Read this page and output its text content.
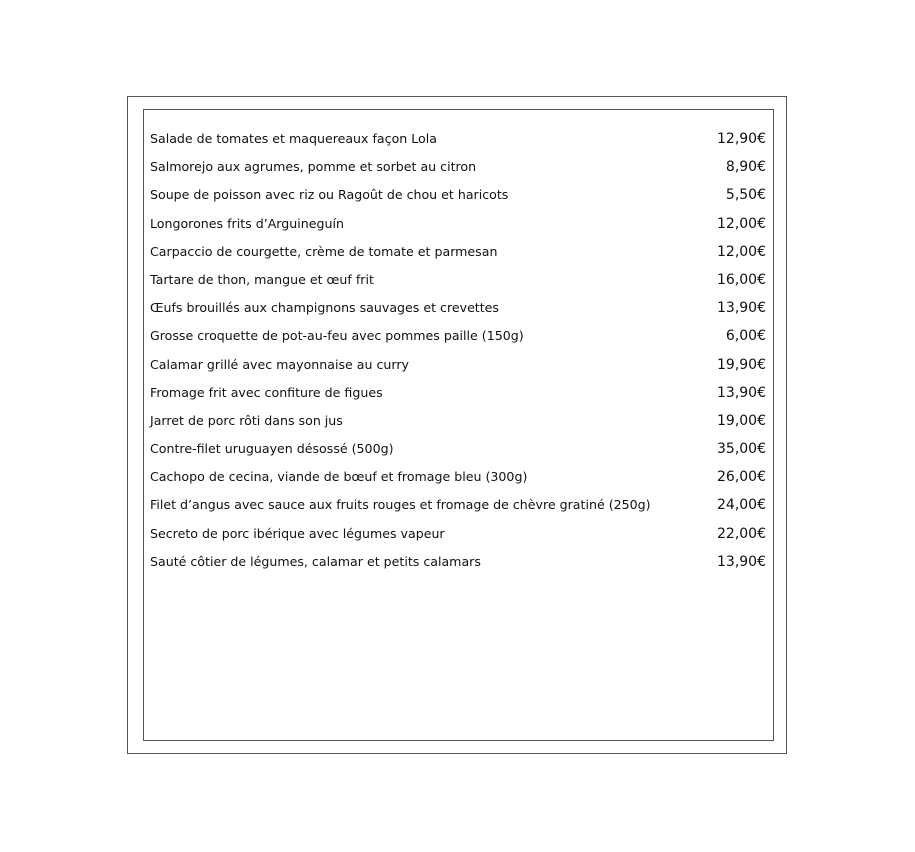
Salade de tomates et maquereaux façon Lola	12,90€
Salmorejo aux agrumes, pomme et sorbet au citron	8,90€
Soupe de poisson avec riz ou Ragoût de chou et haricots	5,50€
Longorones frits d’Arguineguín	12,00€
Carpaccio de courgette, crème de tomate et parmesan	12,00€
Tartare de thon, mangue et œuf frit	16,00€
Œufs brouillés aux champignons sauvages et crevettes	13,90€
Grosse croquette de pot-au-feu avec pommes paille (150g)	6,00€
Calamar grillé avec mayonnaise au curry	19,90€
Fromage frit avec confiture de figues	13,90€
Jarret de porc rôti dans son jus	19,00€
Contre-filet uruguayen désossé (500g)	35,00€
Cachopo de cecina, viande de bœuf et fromage bleu (300g)	26,00€
Filet d’angus avec sauce aux fruits rouges et fromage de chèvre gratiné (250g)	24,00€
Secreto de porc ibérique avec légumes vapeur	22,00€
Sauté côtier de légumes, calamar et petits calamars	13,90€
